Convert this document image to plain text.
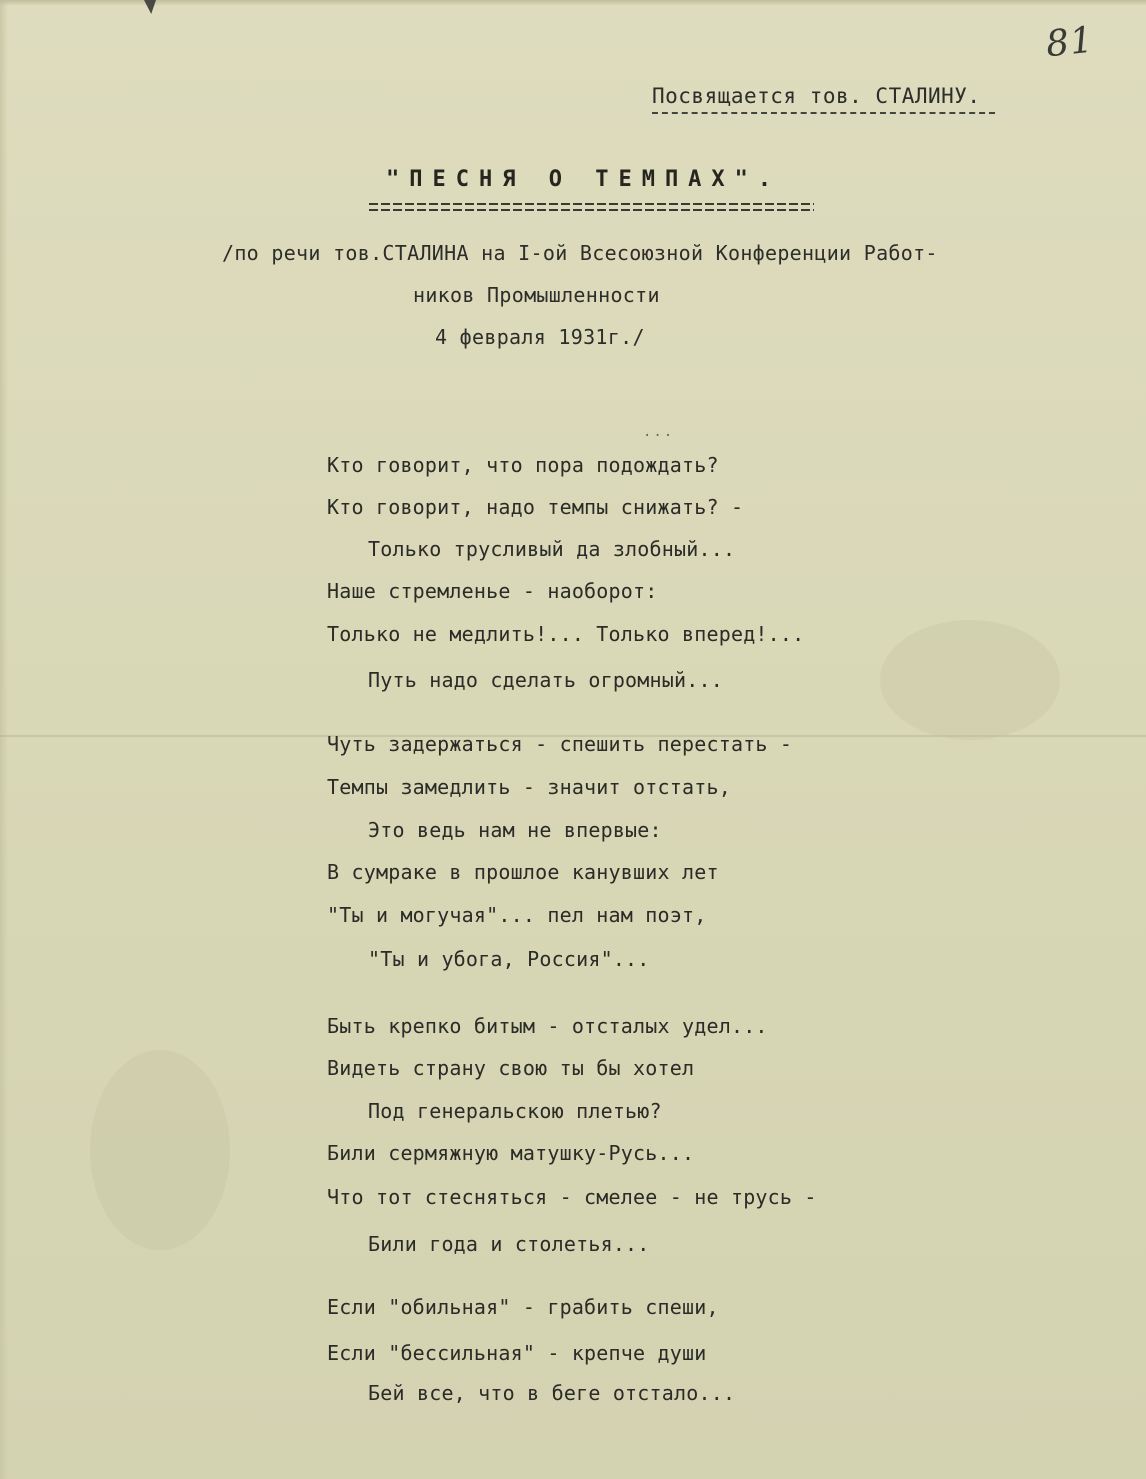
81
Посвящается тов. СТАЛИНУ.
"ПЕСНЯ О ТЕМПАХ".
/по речи тов.СТАЛИНА на I-ой Всесоюзной Конференции Работ-
ников Промышленности
4 февраля 1931г./
...
Кто говорит, что пора подождать?
Кто говорит, надо темпы снижать? -
Только трусливый да злобный...
Наше стремленье - наоборот:
Только не медлить!... Только вперед!...
Путь надо сделать огромный...
Чуть задержаться - спешить перестать -
Темпы замедлить - значит отстать,
Это ведь нам не впервые:
В сумраке в прошлое канувших лет
"Ты и могучая"... пел нам поэт,
"Ты и убога, Россия"...
Быть крепко битым - отсталых удел...
Видеть страну свою ты бы хотел
Под генеральскою плетью?
Били сермяжную матушку-Русь...
Что тот стесняться - смелее - не трусь -
Били года и столетья...
Если "обильная" - грабить спеши,
Если "бессильная" - крепче души
Бей все, что в беге отстало...
